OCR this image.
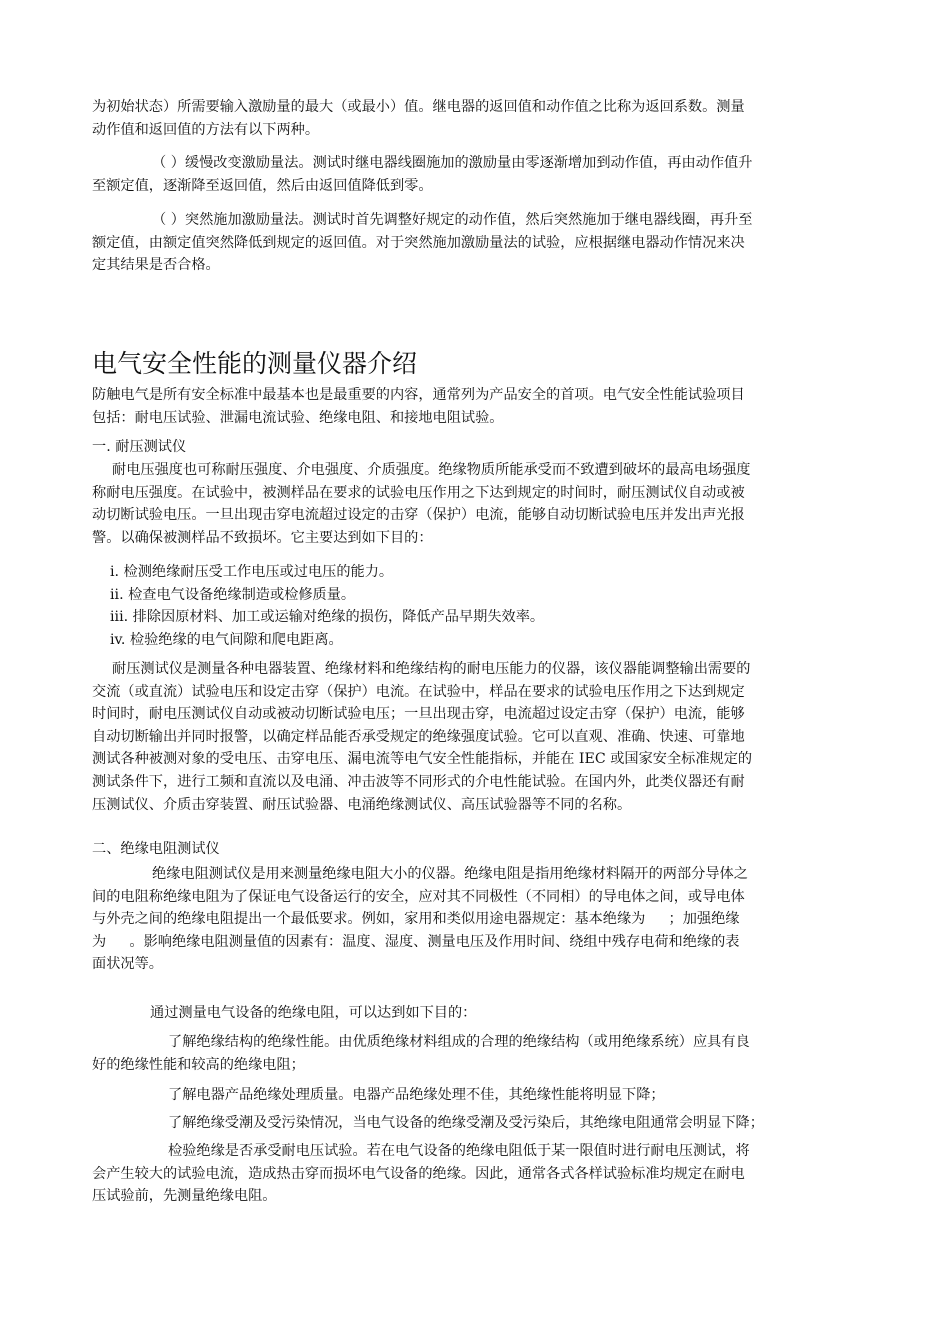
为初始状态）所需要输入激励量的最大（或最小）值。继电器的返回值和动作值之比称为返回系数。测量

动作值和返回值的方法有以下两种。

（ ）缓慢改变激励量法。测试时继电器线圈施加的激励量由零逐渐增加到动作值，再由动作值升

至额定值，逐渐降至返回值，然后由返回值降低到零。

（ ）突然施加激励量法。测试时首先调整好规定的动作值，然后突然施加于继电器线圈，再升至

额定值，由额定值突然降低到规定的返回值。对于突然施加激励量法的试验，应根据继电器动作情况来决

定其结果是否合格。

电气安全性能的测量仪器介绍

防触电气是所有安全标准中最基本也是最重要的内容，通常列为产品安全的首项。电气安全性能试验项目

包括：耐电压试验、泄漏电流试验、绝缘电阻、和接地电阻试验。

一. 耐压测试仪

耐电压强度也可称耐压强度、介电强度、介质强度。绝缘物质所能承受而不致遭到破坏的最高电场强度

称耐电压强度。在试验中，被测样品在要求的试验电压作用之下达到规定的时间时，耐压测试仪自动或被

动切断试验电压。一旦出现击穿电流超过设定的击穿（保护）电流，能够自动切断试验电压并发出声光报

警。以确保被测样品不致损坏。它主要达到如下目的：

i. 检测绝缘耐压受工作电压或过电压的能力。

ii. 检查电气设备绝缘制造或检修质量。

iii. 排除因原材料、加工或运输对绝缘的损伤，降低产品早期失效率。

iv. 检验绝缘的电气间隙和爬电距离。

耐压测试仪是测量各种电器装置、绝缘材料和绝缘结构的耐电压能力的仪器，该仪器能调整输出需要的

交流（或直流）试验电压和设定击穿（保护）电流。在试验中，样品在要求的试验电压作用之下达到规定

时间时，耐电压测试仪自动或被动切断试验电压；一旦出现击穿，电流超过设定击穿（保护）电流，能够

自动切断输出并同时报警，以确定样品能否承受规定的绝缘强度试验。它可以直观、准确、快速、可靠地

测试各种被测对象的受电压、击穿电压、漏电流等电气安全性能指标，并能在 IEC 或国家安全标准规定的

测试条件下，进行工频和直流以及电涌、冲击波等不同形式的介电性能试验。在国内外，此类仪器还有耐

压测试仪、介质击穿装置、耐压试验器、电涌绝缘测试仪、高压试验器等不同的名称。

二、绝缘电阻测试仪

绝缘电阻测试仪是用来测量绝缘电阻大小的仪器。绝缘电阻是指用绝缘材料隔开的两部分导体之

间的电阻称绝缘电阻为了保证电气设备运行的安全，应对其不同极性（不同相）的导电体之间，或导电体

与外壳之间的绝缘电阻提出一个最低要求。例如，家用和类似用途电器规定：基本绝缘为 　 ；加强绝缘

为 　 。影响绝缘电阻测量值的因素有：温度、湿度、测量电压及作用时间、绕组中残存电荷和绝缘的表

面状况等。

通过测量电气设备的绝缘电阻，可以达到如下目的：

了解绝缘结构的绝缘性能。由优质绝缘材料组成的合理的绝缘结构（或用绝缘系统）应具有良

好的绝缘性能和较高的绝缘电阻；

了解电器产品绝缘处理质量。电器产品绝缘处理不佳，其绝缘性能将明显下降；

了解绝缘受潮及受污染情况，当电气设备的绝缘受潮及受污染后，其绝缘电阻通常会明显下降；

检验绝缘是否承受耐电压试验。若在电气设备的绝缘电阻低于某一限值时进行耐电压测试，将

会产生较大的试验电流，造成热击穿而损坏电气设备的绝缘。因此，通常各式各样试验标准均规定在耐电

压试验前，先测量绝缘电阻。
